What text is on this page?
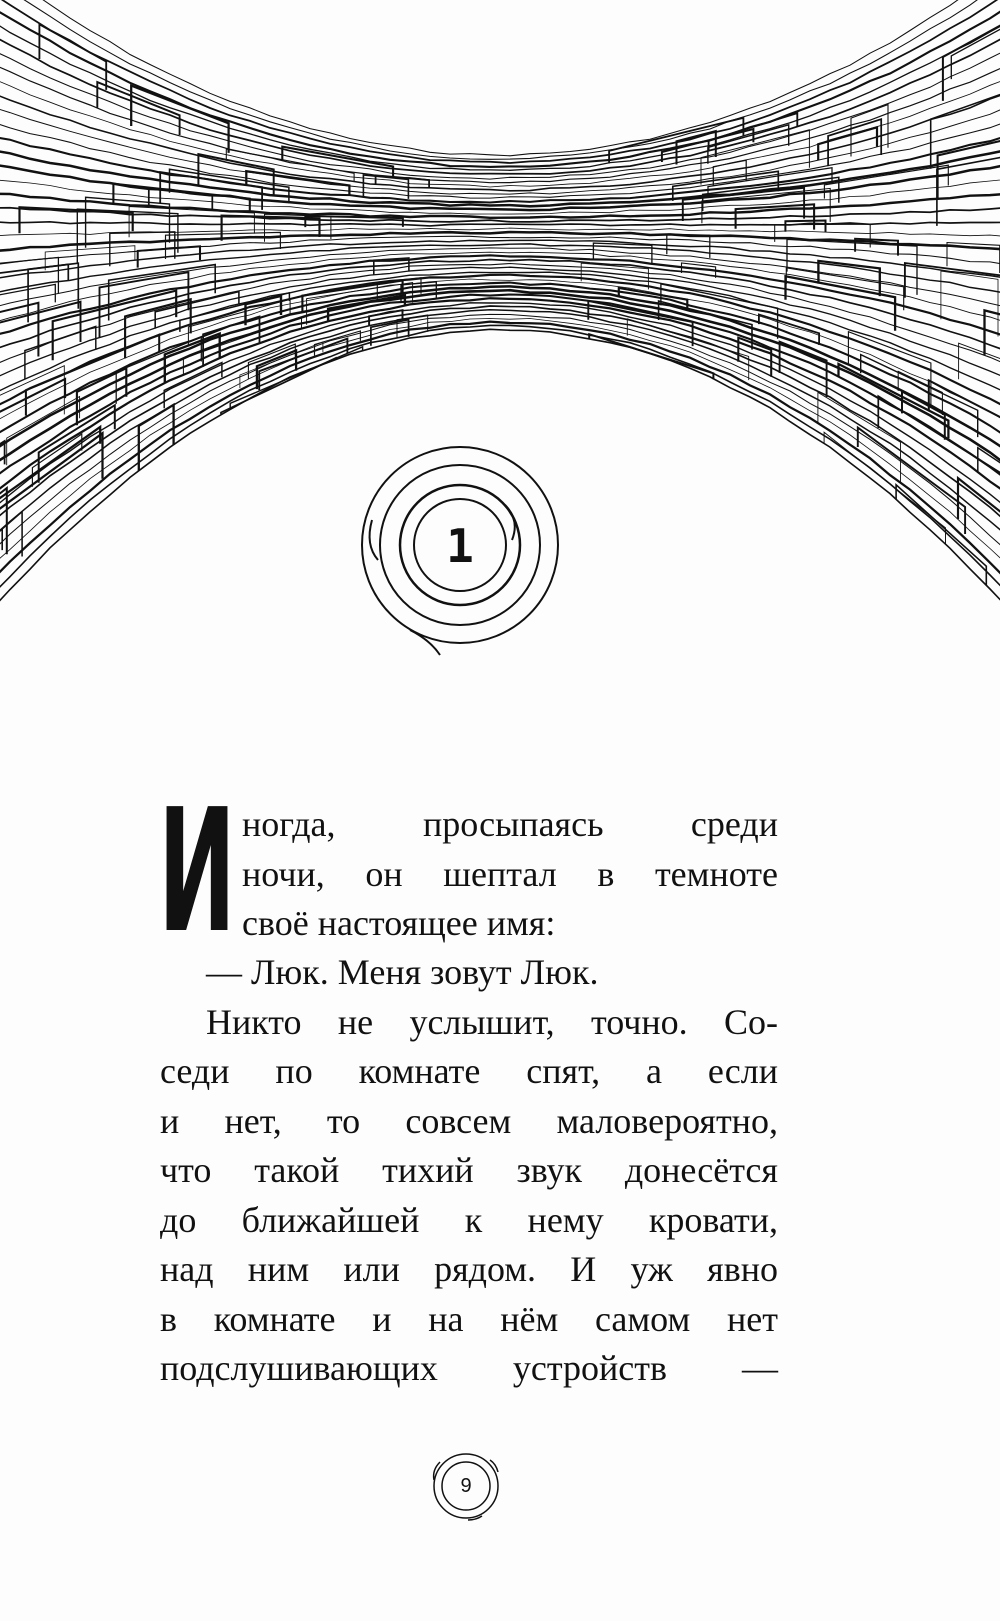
1
И ногда, просыпаясь среди
ночи, он шептал в темноте
своё настоящее имя:
— Люк. Меня зовут Люк.
Никто не услышит, точно. Со-
седи по комнате спят, а если
и нет, то совсем маловероятно,
что такой тихий звук донесётся
до ближайшей к нему кровати,
над ним или рядом. И уж явно
в комнате и на нём самом нет
подслушивающих устройств —
9
